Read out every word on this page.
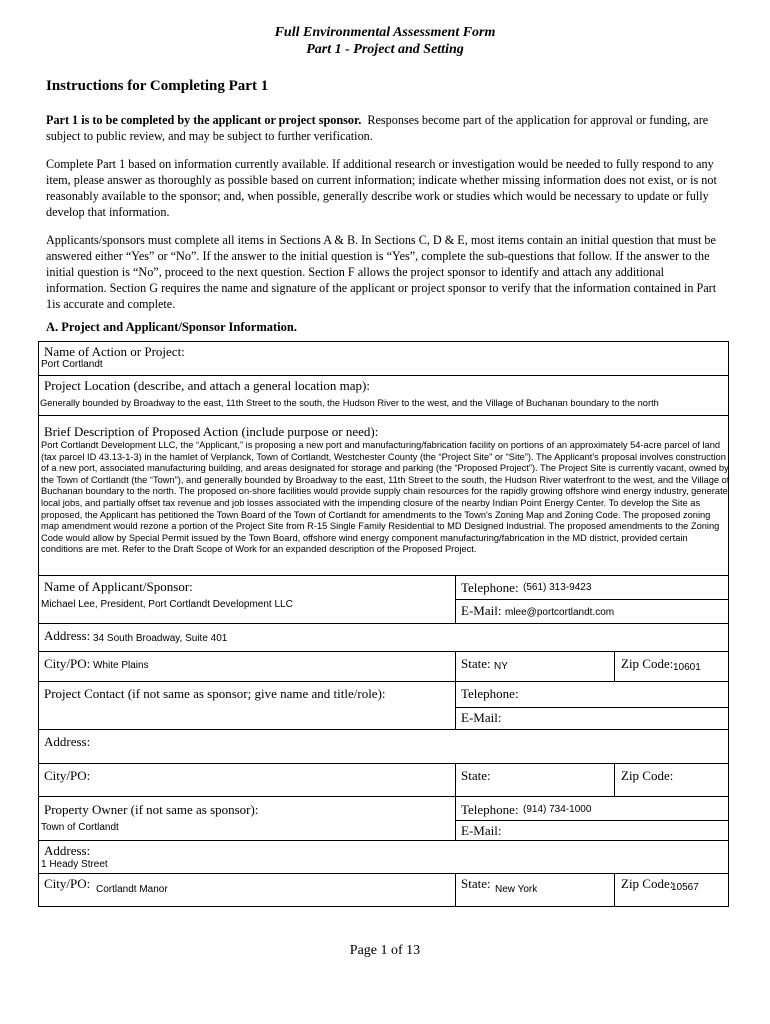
Full Environmental Assessment Form
Part 1 - Project and Setting
Instructions for Completing Part 1
Part 1 is to be completed by the applicant or project sponsor. Responses become part of the application for approval or funding, are subject to public review, and may be subject to further verification.
Complete Part 1 based on information currently available. If additional research or investigation would be needed to fully respond to any item, please answer as thoroughly as possible based on current information; indicate whether missing information does not exist, or is not reasonably available to the sponsor; and, when possible, generally describe work or studies which would be necessary to update or fully develop that information.
Applicants/sponsors must complete all items in Sections A & B. In Sections C, D & E, most items contain an initial question that must be answered either “Yes” or “No”. If the answer to the initial question is “Yes”, complete the sub-questions that follow. If the answer to the initial question is “No”, proceed to the next question. Section F allows the project sponsor to identify and attach any additional information. Section G requires the name and signature of the applicant or project sponsor to verify that the information contained in Part 1is accurate and complete.
A. Project and Applicant/Sponsor Information.
Name of Action or Project:
Port Cortlandt
Project Location (describe, and attach a general location map):
Generally bounded by Broadway to the east, 11th Street to the south, the Hudson River to the west, and the Village of Buchanan boundary to the north
Brief Description of Proposed Action (include purpose or need):
Port Cortlandt Development LLC, the “Applicant,” is proposing a new port and manufacturing/fabrication facility on portions of an approximately 54-acre parcel of land (tax parcel ID 43.13-1-3) in the hamlet of Verplanck, Town of Cortlandt, Westchester County (the “Project Site” or “Site”). The Applicant's proposal involves construction of a new port, associated manufacturing building, and areas designated for storage and parking (the “Proposed Project”). The Project Site is currently vacant, owned by the Town of Cortlandt (the “Town”), and generally bounded by Broadway to the east, 11th Street to the south, the Hudson River waterfront to the west, and the Village of Buchanan boundary to the north. The proposed on-shore facilities would provide supply chain resources for the rapidly growing offshore wind energy industry, generate local jobs, and partially offset tax revenue and job losses associated with the impending closure of the nearby Indian Point Energy Center. To develop the Site as proposed, the Applicant has petitioned the Town Board of the Town of Cortlandt for amendments to the Town's Zoning Map and Zoning Code. The proposed zoning map amendment would rezone a portion of the Project Site from R-15 Single Family Residential to MD Designed Industrial. The proposed amendments to the Zoning Code would allow by Special Permit issued by the Town Board, offshore wind energy component manufacturing/fabrication in the MD district, provided certain conditions are met. Refer to the Draft Scope of Work for an expanded description of the Proposed Project.
Name of Applicant/Sponsor:
Michael Lee, President, Port Cortlandt Development LLC
Telephone: (561) 313-9423
E-Mail: mlee@portcortlandt.com
Address: 34 South Broadway, Suite 401
City/PO: White Plains	State: NY	Zip Code: 10601
Project Contact (if not same as sponsor; give name and title/role):	Telephone:
E-Mail:
Address:
City/PO:	State:	Zip Code:
Property Owner (if not same as sponsor):
Town of Cortlandt
Telephone: (914) 734-1000
E-Mail:
Address:
1 Heady Street
City/PO: Cortlandt Manor	State: New York	Zip Code:
10567
Page 1 of 13
